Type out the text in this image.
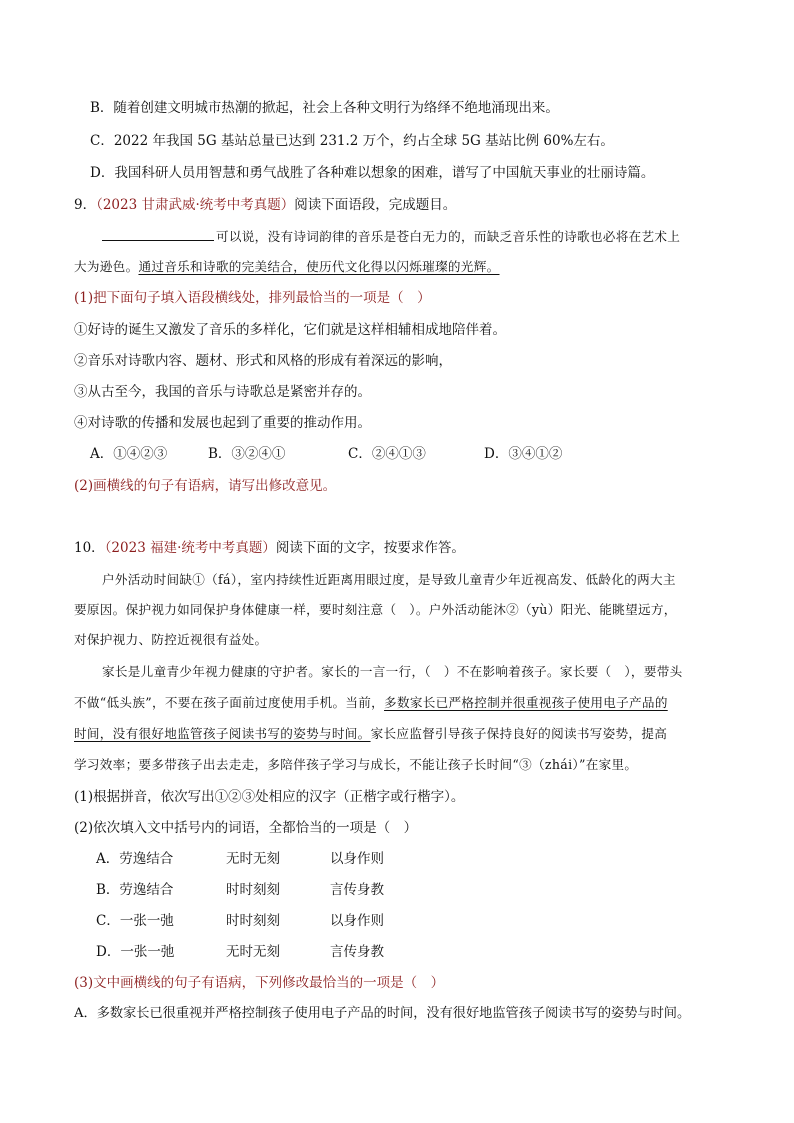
B．随着创建文明城市热潮的掀起，社会上各种文明行为络绎不绝地涌现出来。
C．2022 年我国 5G 基站总量已达到 231.2 万个，约占全球 5G 基站比例 60%左右。
D．我国科研人员用智慧和勇气战胜了各种难以想象的困难，谱写了中国航天事业的壮丽诗篇。
9．（2023 甘肃武威·统考中考真题）阅读下面语段，完成题目。
可以说，没有诗词韵律的音乐是苍白无力的，而缺乏音乐性的诗歌也必将在艺术上
大为逊色。通过音乐和诗歌的完美结合，使历代文化得以闪烁璀璨的光辉。
(1)把下面句子填入语段横线处，排列最恰当的一项是（　）
①好诗的诞生又激发了音乐的多样化，它们就是这样相辅相成地陪伴着。
②音乐对诗歌内容、题材、形式和风格的形成有着深远的影响，
③从古至今，我国的音乐与诗歌总是紧密并存的。
④对诗歌的传播和发展也起到了重要的推动作用。
A．①④②③	B．③②④①	C．②④①③	D．③④①②
(2)画横线的句子有语病，请写出修改意见。
10．（2023 福建·统考中考真题）阅读下面的文字，按要求作答。
户外活动时间缺①（fá），室内持续性近距离用眼过度，是导致儿童青少年近视高发、低龄化的两大主
要原因。保护视力如同保护身体健康一样，要时刻注意（　）。户外活动能沐②（yù）阳光、能眺望远方，
对保护视力、防控近视很有益处。
家长是儿童青少年视力健康的守护者。家长的一言一行，（　）不在影响着孩子。家长要（　），要带头
不做“低头族”，不要在孩子面前过度使用手机。当前，多数家长已严格控制并很重视孩子使用电子产品的
时间，没有很好地监管孩子阅读书写的姿势与时间。家长应监督引导孩子保持良好的阅读书写姿势，提高
学习效率；要多带孩子出去走走，多陪伴孩子学习与成长，不能让孩子长时间“③（zhái）”在家里。
(1)根据拼音，依次写出①②③处相应的汉字（正楷字或行楷字）。
(2)依次填入文中括号内的词语，全都恰当的一项是（　）
A．劳逸结合	无时无刻	以身作则
B．劳逸结合	时时刻刻	言传身教
C．一张一弛	时时刻刻	以身作则
D．一张一弛	无时无刻	言传身教
(3)文中画横线的句子有语病，下列修改最恰当的一项是（　）
A．多数家长已很重视并严格控制孩子使用电子产品的时间，没有很好地监管孩子阅读书写的姿势与时间。
